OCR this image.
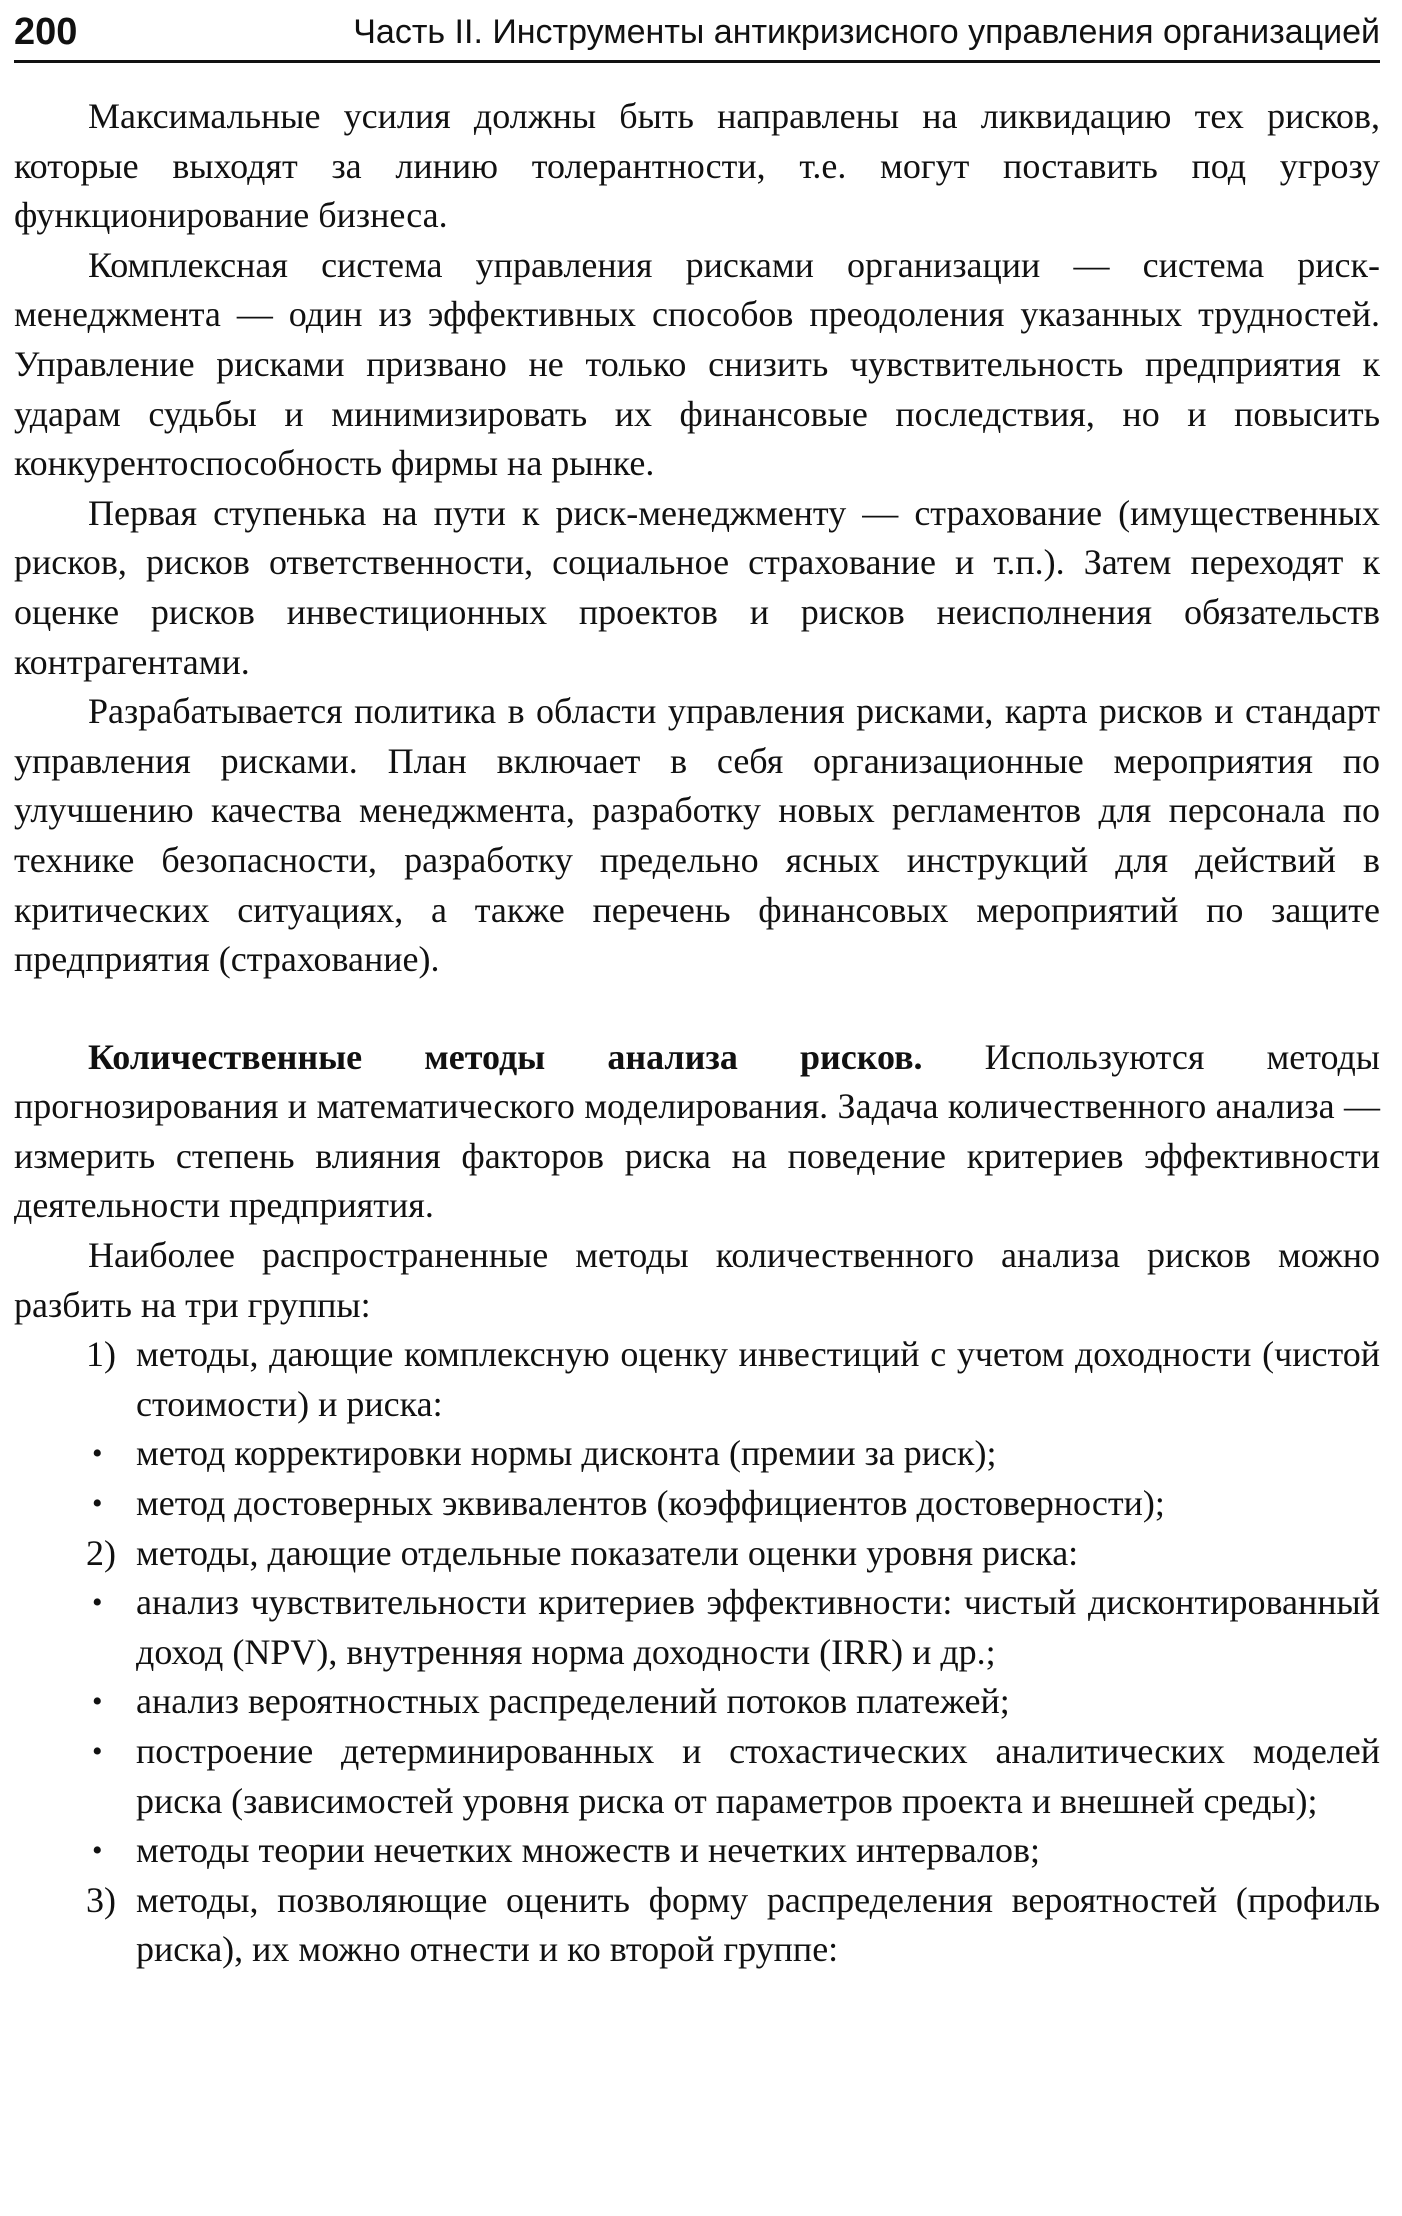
200	Часть II. Инструменты антикризисного управления организацией

Максимальные усилия должны быть направлены на ликвидацию тех рисков, которые выходят за линию толерантности, т.е. могут поставить под угрозу функционирование бизнеса.

Комплексная система управления рисками организации — система риск-менеджмента — один из эффективных способов преодоления указанных трудностей. Управление рисками призвано не только снизить чувствительность предприятия к ударам судьбы и минимизировать их финансовые последствия, но и повысить конкурентоспособность фирмы на рынке.

Первая ступенька на пути к риск-менеджменту — страхование (имущественных рисков, рисков ответственности, социальное страхование и т.п.). Затем переходят к оценке рисков инвестиционных проектов и рисков неисполнения обязательств контрагентами.

Разрабатывается политика в области управления рисками, карта рисков и стандарт управления рисками. План включает в себя организационные мероприятия по улучшению качества менеджмента, разработку новых регламентов для персонала по технике безопасности, разработку предельно ясных инструкций для действий в критических ситуациях, а также перечень финансовых мероприятий по защите предприятия (страхование).

Количественные методы анализа рисков. Используются методы прогнозирования и математического моделирования. Задача количественного анализа — измерить степень влияния факторов риска на поведение критериев эффективности деятельности предприятия.

Наиболее распространенные методы количественного анализа рисков можно разбить на три группы:

1) методы, дающие комплексную оценку инвестиций с учетом доходности (чистой стоимости) и риска:
• метод корректировки нормы дисконта (премии за риск);
• метод достоверных эквивалентов (коэффициентов достоверности);
2) методы, дающие отдельные показатели оценки уровня риска:
• анализ чувствительности критериев эффективности: чистый дисконтированный доход (NPV), внутренняя норма доходности (IRR) и др.;
• анализ вероятностных распределений потоков платежей;
• построение детерминированных и стохастических аналитических моделей риска (зависимостей уровня риска от параметров проекта и внешней среды);
• методы теории нечетких множеств и нечетких интервалов;
3) методы, позволяющие оценить форму распределения вероятностей (профиль риска), их можно отнести и ко второй группе:
